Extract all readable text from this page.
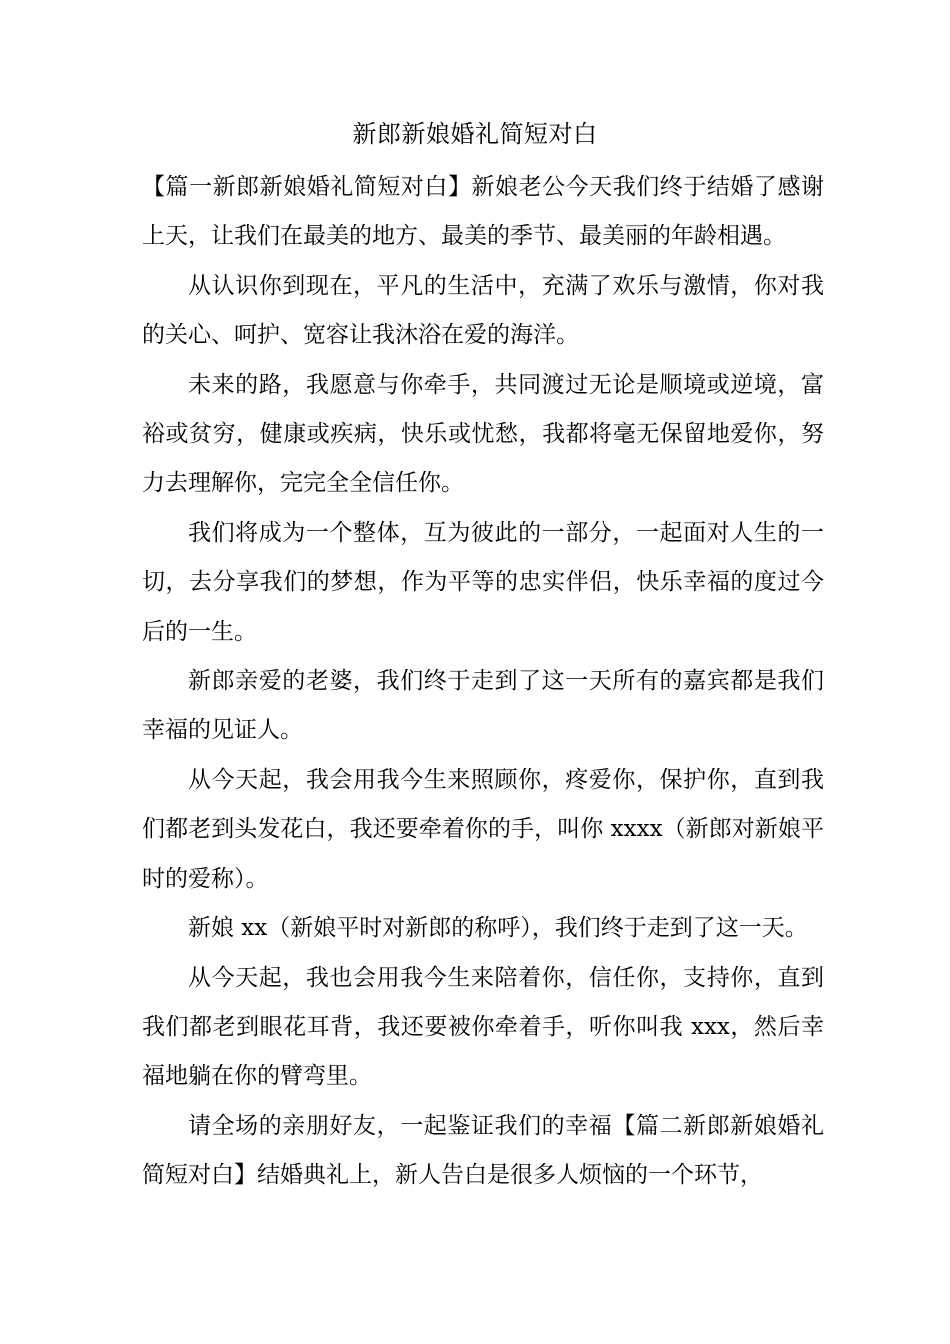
新郎新娘婚礼简短对白

【篇一新郎新娘婚礼简短对白】新娘老公今天我们终于结婚了感谢上天，让我们在最美的地方、最美的季节、最美丽的年龄相遇。

从认识你到现在，平凡的生活中，充满了欢乐与激情，你对我的关心、呵护、宽容让我沐浴在爱的海洋。

未来的路，我愿意与你牵手，共同渡过无论是顺境或逆境，富裕或贫穷，健康或疾病，快乐或忧愁，我都将毫无保留地爱你，努力去理解你，完完全全信任你。

我们将成为一个整体，互为彼此的一部分，一起面对人生的一切，去分享我们的梦想，作为平等的忠实伴侣，快乐幸福的度过今后的一生。

新郎亲爱的老婆，我们终于走到了这一天所有的嘉宾都是我们幸福的见证人。

从今天起，我会用我今生来照顾你，疼爱你，保护你，直到我们都老到头发花白，我还要牵着你的手，叫你 xxxx（新郎对新娘平时的爱称）。

新娘 xx（新娘平时对新郎的称呼），我们终于走到了这一天。

从今天起，我也会用我今生来陪着你，信任你，支持你，直到我们都老到眼花耳背，我还要被你牵着手，听你叫我 xxx，然后幸福地躺在你的臂弯里。

请全场的亲朋好友，一起鉴证我们的幸福【篇二新郎新娘婚礼简短对白】结婚典礼上，新人告白是很多人烦恼的一个环节，
